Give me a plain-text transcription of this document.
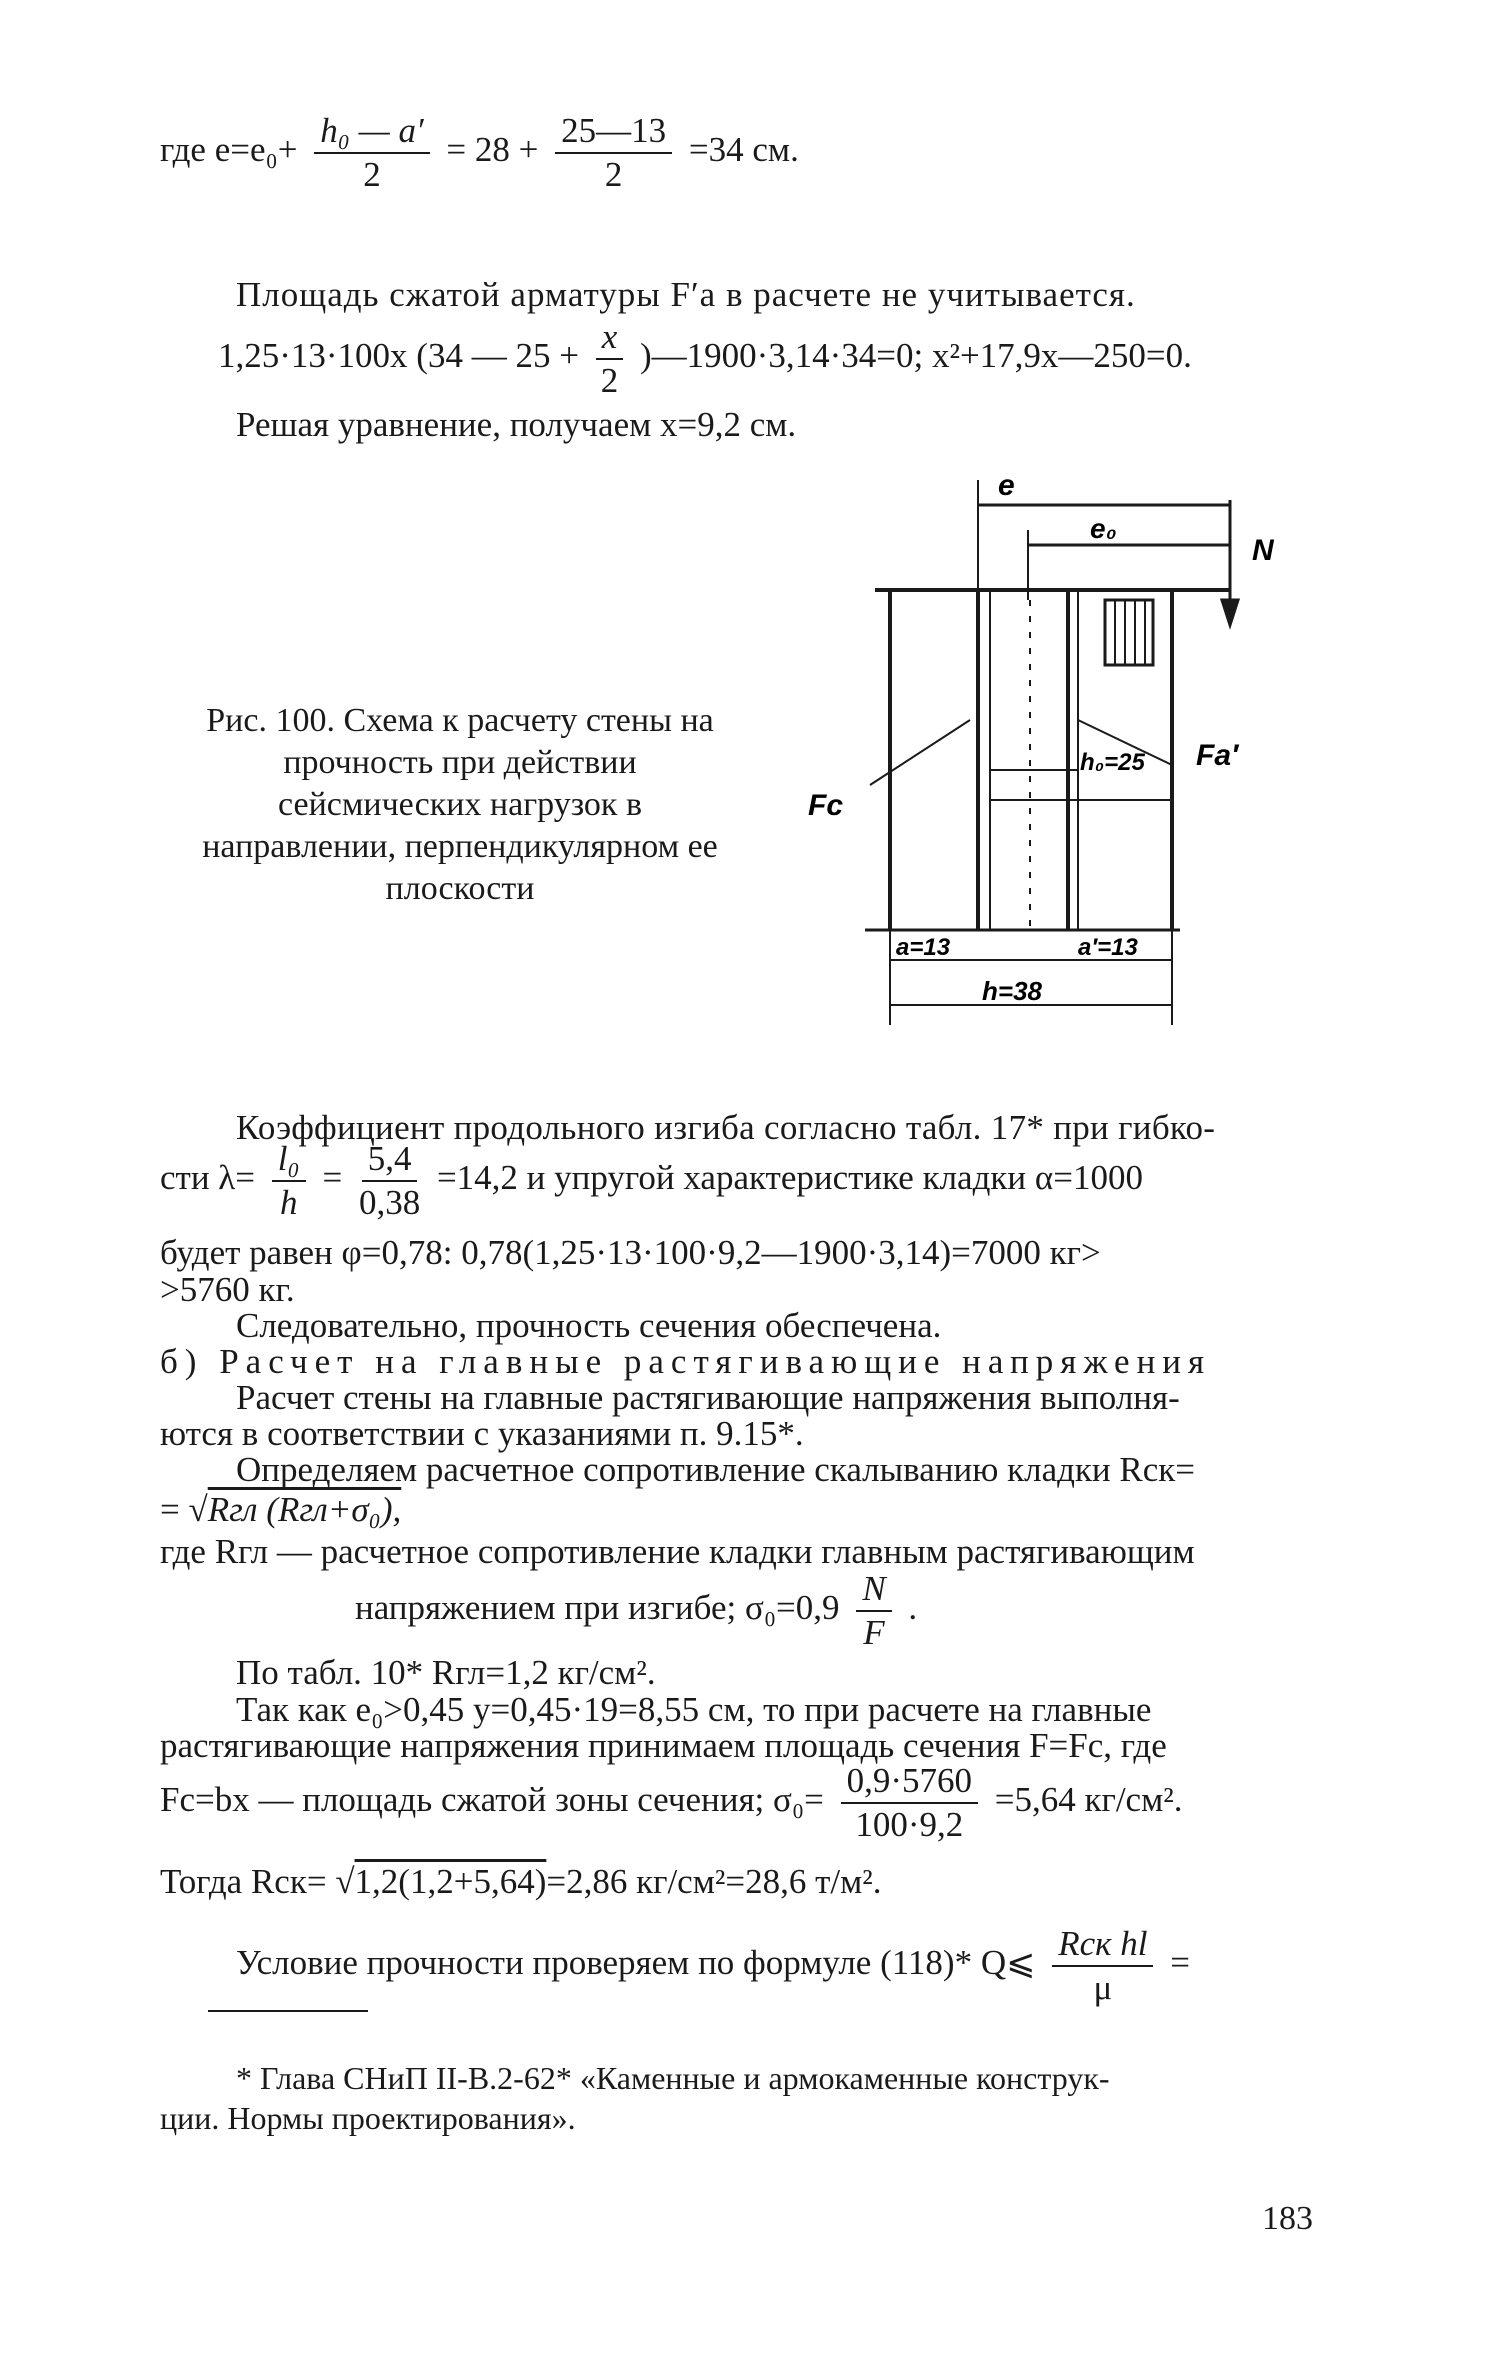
где $e=e_0+ \frac{\text{h₀ — a′}}{2} = 28 + \frac{25—13}{2} =34$ см.
Площадь сжатой арматуры F′а в расчете не учитывается.
1,25·13·100x (34 — $25 + \frac{x}{2}$ )—1900·3,14·34=0; x²+17,9x—250=0.
Решая уравнение, получаем x=9,2 см.
Рис. 100. Схема к расчету стены на прочность при действии сейсмических нагрузок в направлении, перпендикулярном ее плоскости
e
e₀
N
Fc
Fa′
h₀=25
a=13	a′=13
h=38
Коэффициент продольного изгиба согласно табл. 17* при гибко-
сти $\lambda= \frac{\text{l₀}}{h} = \frac{5,4}{0,38} =14,2$ и упругой характеристике кладки α=1000
будет равен φ=0,78: 0,78(1,25·13·100·9,2—1900·3,14)=7000 кг>
>5760 кг.
Следовательно, прочность сечения обеспечена.
б) Расчет на главные растягивающие напряжения
Расчет стены на главные растягивающие напряжения выполня-
ются в соответствии с указаниями п. 9.15*.
Определяем расчетное сопротивление скалыванию кладки Rск=
= √Rгл (Rгл+σ₀),
где Rгл — расчетное сопротивление кладки главным растягивающим
напряжением при изгибе; $\sigma_0=0,9 \frac{N}{F}$ .
По табл. 10* Rгл=1,2 кг/см².
Так как e₀>0,45 y=0,45·19=8,55 см, то при расчете на главные
растягивающие напряжения принимаем площадь сечения F=Fc, где
Fc=bx — площадь сжатой зоны сечения; $\sigma_0= \frac{0,9\cdot 5760}{100\cdot 9,2} =5,64$ кг/см².
Тогда Rск= √1,2(1,2+5,64)=2,86 кг/см²=28,6 т/м².
Условие прочности проверяем по формуле (118)* Q⩽ $\frac{\text{Rск hl}}{\mu}$ =
* Глава СНиП II-В.2-62* «Каменные и армокаменные конструк-
ции. Нормы проектирования».
183
